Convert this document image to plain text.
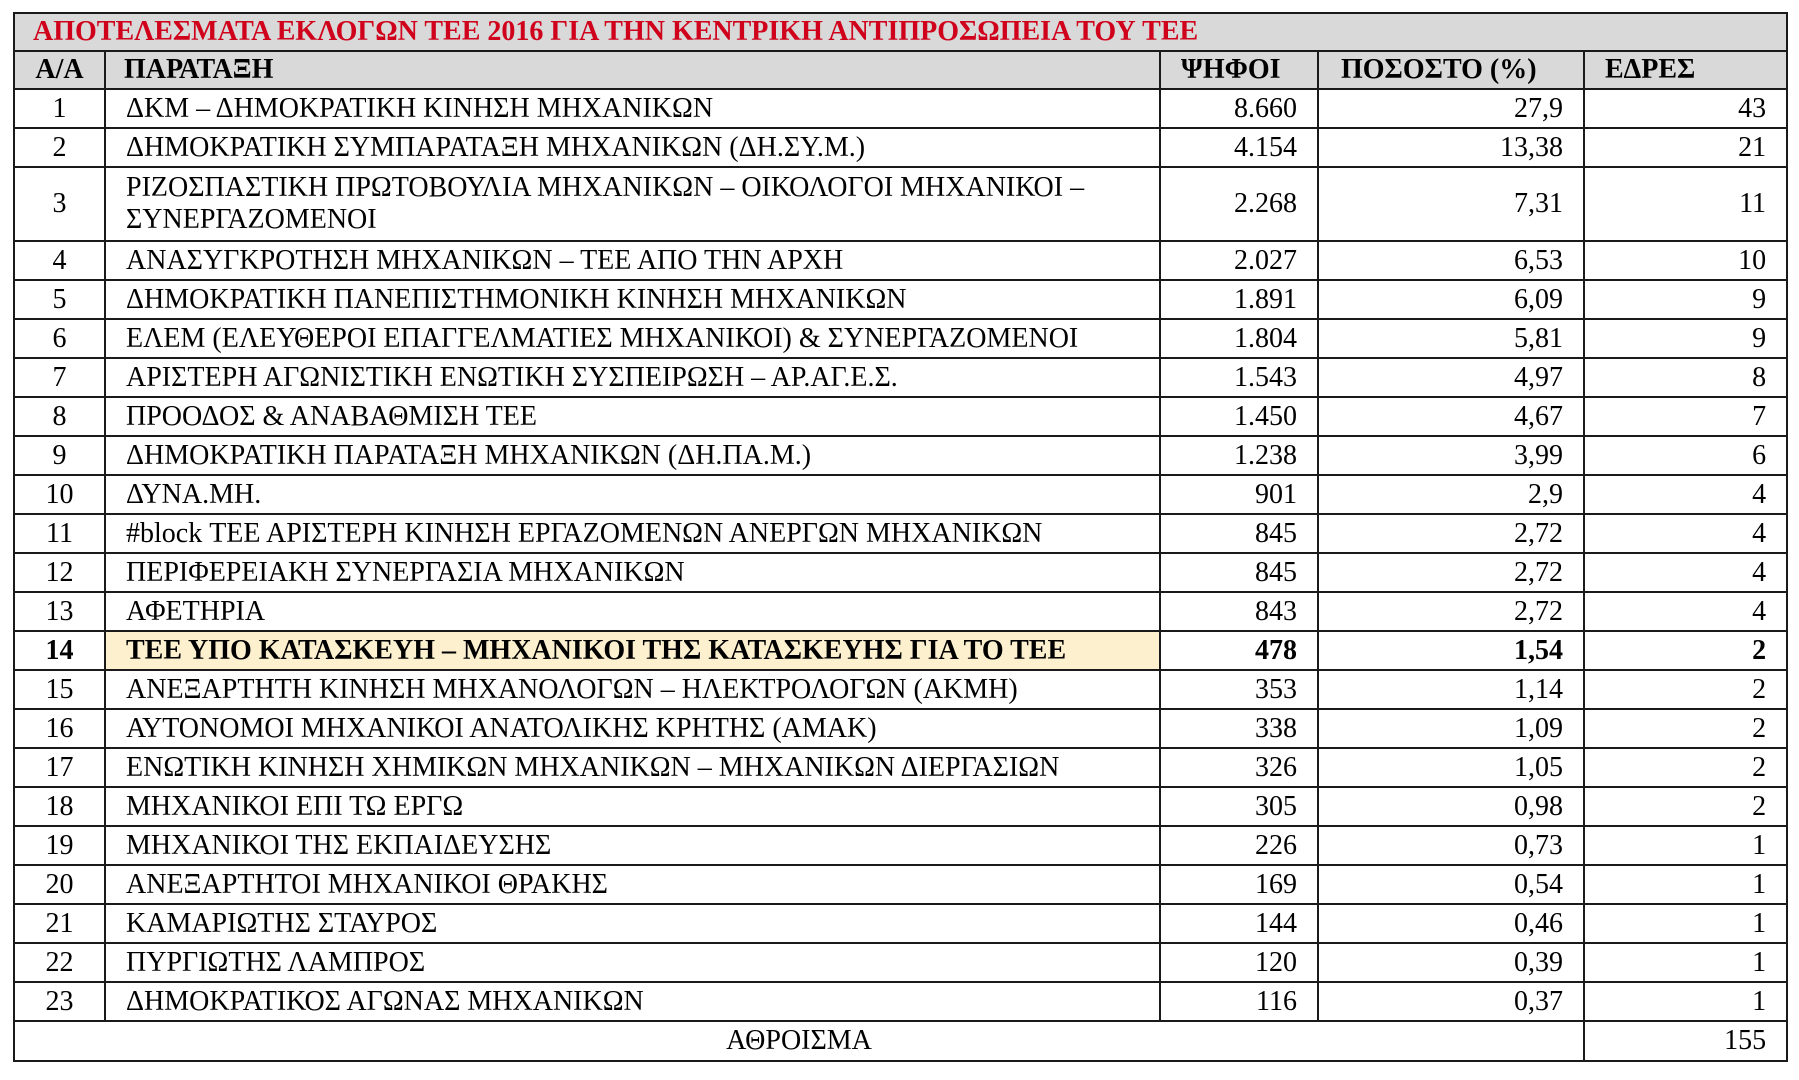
ΑΠΟΤΕΛΕΣΜΑΤΑ ΕΚΛΟΓΩΝ ΤΕΕ 2016 ΓΙΑ ΤΗΝ ΚΕΝΤΡΙΚΗ ΑΝΤΙΠΡΟΣΩΠΕΙΑ ΤΟΥ ΤΕΕ				
Α/Α	ΠΑΡΑΤΑΞΗ	ΨΗΦΟΙ	ΠΟΣΟΣΤΟ (%)	ΕΔΡΕΣ
1	ΔΚΜ – ΔΗΜΟΚΡΑΤΙΚΗ ΚΙΝΗΣΗ ΜΗΧΑΝΙΚΩΝ	8.660	27,9	43
2	ΔΗΜΟΚΡΑΤΙΚΗ ΣΥΜΠΑΡΑΤΑΞΗ ΜΗΧΑΝΙΚΩΝ (ΔΗ.ΣΥ.Μ.)	4.154	13,38	21
3	ΡΙΖΟΣΠΑΣΤΙΚΗ ΠΡΩΤΟΒΟΥΛΙΑ ΜΗΧΑΝΙΚΩΝ – ΟΙΚΟΛΟΓΟΙ ΜΗΧΑΝΙΚΟΙ – ΣΥΝΕΡΓΑΖΟΜΕΝΟΙ	2.268	7,31	11
4	ΑΝΑΣΥΓΚΡΟΤΗΣΗ ΜΗΧΑΝΙΚΩΝ – ΤΕΕ ΑΠΟ ΤΗΝ ΑΡΧΗ	2.027	6,53	10
5	ΔΗΜΟΚΡΑΤΙΚΗ ΠΑΝΕΠΙΣΤΗΜΟΝΙΚΗ ΚΙΝΗΣΗ ΜΗΧΑΝΙΚΩΝ	1.891	6,09	9
6	ΕΛΕΜ (ΕΛΕΥΘΕΡΟΙ ΕΠΑΓΓΕΛΜΑΤΙΕΣ ΜΗΧΑΝΙΚΟΙ) & ΣΥΝΕΡΓΑΖΟΜΕΝΟΙ	1.804	5,81	9
7	ΑΡΙΣΤΕΡΗ ΑΓΩΝΙΣΤΙΚΗ ΕΝΩΤΙΚΗ ΣΥΣΠΕΙΡΩΣΗ – ΑΡ.ΑΓ.Ε.Σ.	1.543	4,97	8
8	ΠΡΟΟΔΟΣ & ΑΝΑΒΑΘΜΙΣΗ ΤΕΕ	1.450	4,67	7
9	ΔΗΜΟΚΡΑΤΙΚΗ ΠΑΡΑΤΑΞΗ ΜΗΧΑΝΙΚΩΝ (ΔΗ.ΠΑ.Μ.)	1.238	3,99	6
10	ΔΥΝΑ.ΜΗ.	901	2,9	4
11	#block ΤΕΕ ΑΡΙΣΤΕΡΗ ΚΙΝΗΣΗ ΕΡΓΑΖΟΜΕΝΩΝ ΑΝΕΡΓΩΝ ΜΗΧΑΝΙΚΩΝ	845	2,72	4
12	ΠΕΡΙΦΕΡΕΙΑΚΗ ΣΥΝΕΡΓΑΣΙΑ ΜΗΧΑΝΙΚΩΝ	845	2,72	4
13	ΑΦΕΤΗΡΙΑ	843	2,72	4
14	ΤΕΕ ΥΠΟ ΚΑΤΑΣΚΕΥΗ – ΜΗΧΑΝΙΚΟΙ ΤΗΣ ΚΑΤΑΣΚΕΥΗΣ ΓΙΑ ΤΟ ΤΕΕ	478	1,54	2
15	ΑΝΕΞΑΡΤΗΤΗ ΚΙΝΗΣΗ ΜΗΧΑΝΟΛΟΓΩΝ – ΗΛΕΚΤΡΟΛΟΓΩΝ (ΑΚΜΗ)	353	1,14	2
16	ΑΥΤΟΝΟΜΟΙ ΜΗΧΑΝΙΚΟΙ ΑΝΑΤΟΛΙΚΗΣ ΚΡΗΤΗΣ (ΑΜΑΚ)	338	1,09	2
17	ΕΝΩΤΙΚΗ ΚΙΝΗΣΗ ΧΗΜΙΚΩΝ ΜΗΧΑΝΙΚΩΝ – ΜΗΧΑΝΙΚΩΝ ΔΙΕΡΓΑΣΙΩΝ	326	1,05	2
18	ΜΗΧΑΝΙΚΟΙ ΕΠΙ ΤΩ ΕΡΓΩ	305	0,98	2
19	ΜΗΧΑΝΙΚΟΙ ΤΗΣ ΕΚΠΑΙΔΕΥΣΗΣ	226	0,73	1
20	ΑΝΕΞΑΡΤΗΤΟΙ ΜΗΧΑΝΙΚΟΙ ΘΡΑΚΗΣ	169	0,54	1
21	ΚΑΜΑΡΙΩΤΗΣ ΣΤΑΥΡΟΣ	144	0,46	1
22	ΠΥΡΓΙΩΤΗΣ ΛΑΜΠΡΟΣ	120	0,39	1
23	ΔΗΜΟΚΡΑΤΙΚΟΣ ΑΓΩΝΑΣ ΜΗΧΑΝΙΚΩΝ	116	0,37	1
ΑΘΡΟΙΣΜΑ				155
